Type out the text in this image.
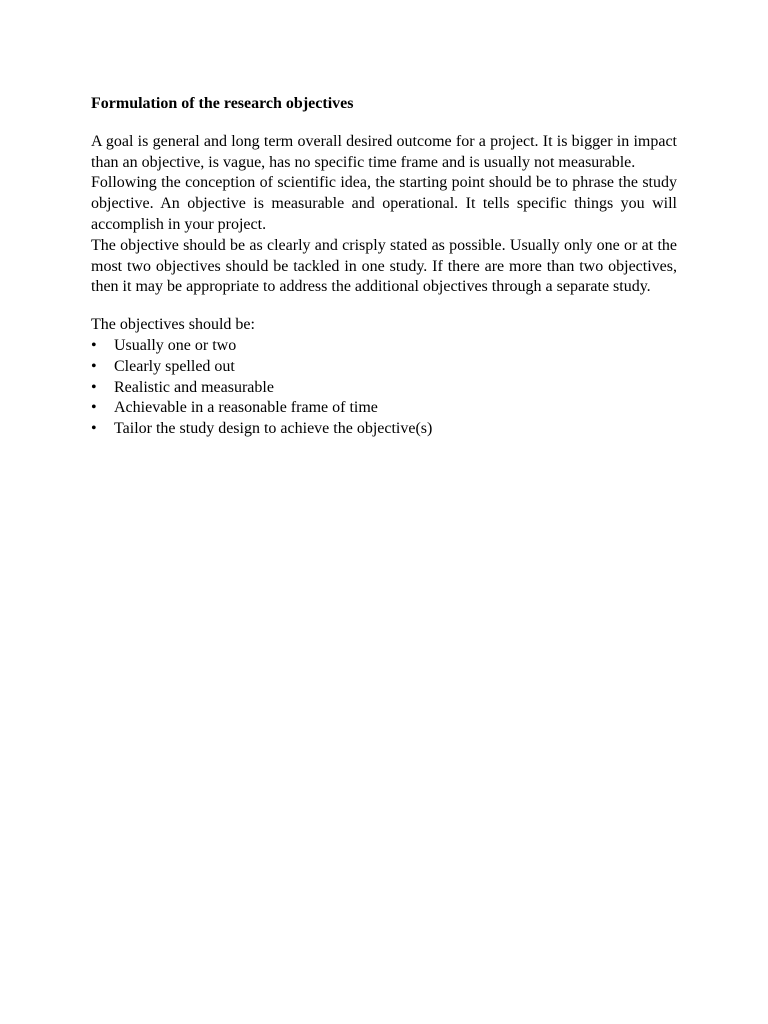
Formulation of the research objectives

A goal is general and long term overall desired outcome for a project. It is bigger in impact than an objective, is vague, has no specific time frame and is usually not measurable.

Following the conception of scientific idea, the starting point should be to phrase the study objective. An objective is measurable and operational. It tells specific things you will accomplish in your project.

The objective should be as clearly and crisply stated as possible. Usually only one or at the most two objectives should be tackled in one study. If there are more than two objectives, then it may be appropriate to address the additional objectives through a separate study.

The objectives should be:

•	Usually one or two
•	Clearly spelled out
•	Realistic and measurable
•	Achievable in a reasonable frame of time
•	Tailor the study design to achieve the objective(s)
